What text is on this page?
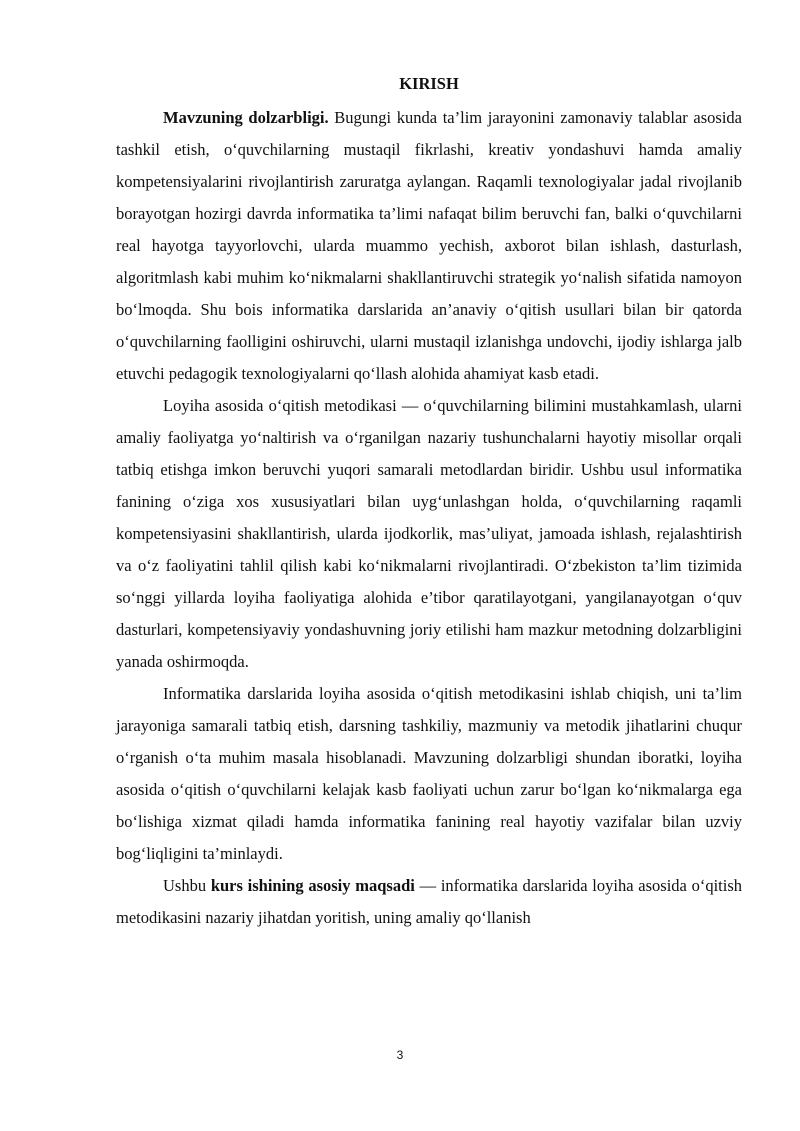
KIRISH

Mavzuning dolzarbligi. Bugungi kunda ta’lim jarayonini zamonaviy talablar asosida tashkil etish, o‘quvchilarning mustaqil fikrlashi, kreativ yondashuvi hamda amaliy kompetensiyalarini rivojlantirish zaruratga aylangan. Raqamli texnologiyalar jadal rivojlanib borayotgan hozirgi davrda informatika ta’limi nafaqat bilim beruvchi fan, balki o‘quvchilarni real hayotga tayyorlovchi, ularda muammo yechish, axborot bilan ishlash, dasturlash, algoritmlash kabi muhim ko‘nikmalarni shakllantiruvchi strategik yo‘nalish sifatida namoyon bo‘lmoqda. Shu bois informatika darslarida an’anaviy o‘qitish usullari bilan bir qatorda o‘quvchilarning faolligini oshiruvchi, ularni mustaqil izlanishga undovchi, ijodiy ishlarga jalb etuvchi pedagogik texnologiyalarni qo‘llash alohida ahamiyat kasb etadi.

Loyiha asosida o‘qitish metodikasi — o‘quvchilarning bilimini mustahkamlash, ularni amaliy faoliyatga yo‘naltirish va o‘rganilgan nazariy tushunchalarni hayotiy misollar orqali tatbiq etishga imkon beruvchi yuqori samarali metodlardan biridir. Ushbu usul informatika fanining o‘ziga xos xususiyatlari bilan uyg‘unlashgan holda, o‘quvchilarning raqamli kompetensiyasini shakllantirish, ularda ijodkorlik, mas’uliyat, jamoada ishlash, rejalashtirish va o‘z faoliyatini tahlil qilish kabi ko‘nikmalarni rivojlantiradi. O‘zbekiston ta’lim tizimida so‘nggi yillarda loyiha faoliyatiga alohida e’tibor qaratilayotgani, yangilanayotgan o‘quv dasturlari, kompetensiyaviy yondashuvning joriy etilishi ham mazkur metodning dolzarbligini yanada oshirmoqda.

Informatika darslarida loyiha asosida o‘qitish metodikasini ishlab chiqish, uni ta’lim jarayoniga samarali tatbiq etish, darsning tashkiliy, mazmuniy va metodik jihatlarini chuqur o‘rganish o‘ta muhim masala hisoblanadi. Mavzuning dolzarbligi shundan iboratki, loyiha asosida o‘qitish o‘quvchilarni kelajak kasb faoliyati uchun zarur bo‘lgan ko‘nikmalarga ega bo‘lishiga xizmat qiladi hamda informatika fanining real hayotiy vazifalar bilan uzviy bog‘liqligini ta’minlaydi.

Ushbu kurs ishining asosiy maqsadi — informatika darslarida loyiha asosida o‘qitish metodikasini nazariy jihatdan yoritish, uning amaliy qo‘llanish

3
